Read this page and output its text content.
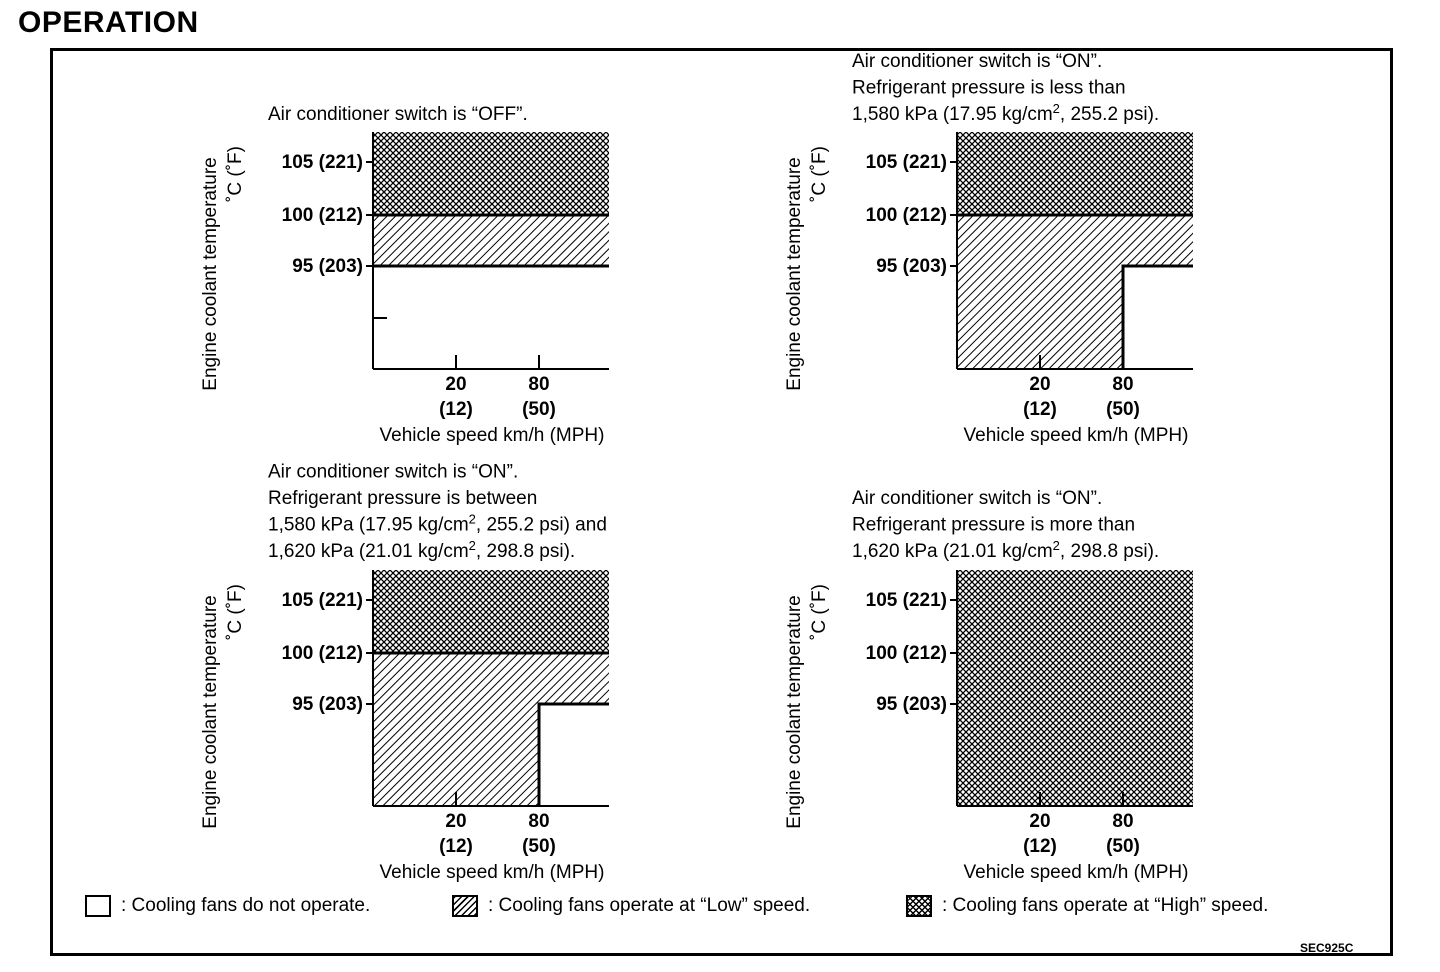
OPERATION
105 (221)
100 (212)
95 (203)
20
(12)
80
(50)
Vehicle speed km/h (MPH)
Engine coolant temperature ˚C (˚F)
Air conditioner switch is “OFF”.
105 (221)
100 (212)
95 (203)
20
(12)
80
(50)
Vehicle speed km/h (MPH)
Engine coolant temperature ˚C (˚F)
Air conditioner switch is “ON”.
Refrigerant pressure is less than
1,580 kPa (17.95 $kg/cm^2$, 255.2 psi).
105 (221)
100 (212)
95 (203)
20
(12)
80
(50)
Vehicle speed km/h (MPH)
Engine coolant temperature ˚C (˚F)
Air conditioner switch is “ON”.
Refrigerant pressure is between
1,580 kPa (17.95 $kg/cm^2$, 255.2 psi) and
1,620 kPa (21.01 $kg/cm^2$, 298.8 psi).
105 (221)
100 (212)
95 (203)
20
(12)
80
(50)
Vehicle speed km/h (MPH)
Engine coolant temperature ˚C (˚F)
Air conditioner switch is “ON”.
Refrigerant pressure is more than
1,620 kPa (21.01 $kg/cm^2$, 298.8 psi).
: Cooling fans do not operate.	: Cooling fans operate at “Low” speed.	: Cooling fans operate at “High” speed.
SEC925C
